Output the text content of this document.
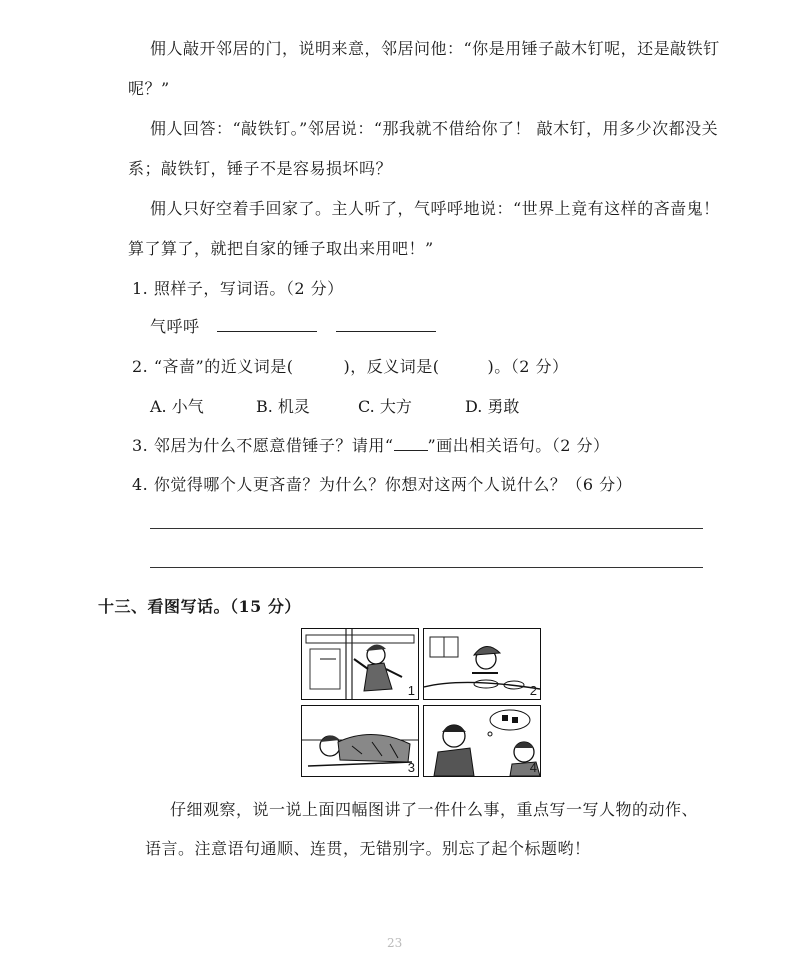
佣人敲开邻居的门，说明来意，邻居问他：“你是用锤子敲木钉呢，还是敲铁钉
呢？”
佣人回答：“敲铁钉。”邻居说：“那我就不借给你了！ 敲木钉，用多少次都没关
系；敲铁钉，锤子不是容易损坏吗？
佣人只好空着手回家了。主人听了，气呼呼地说：“世界上竟有这样的吝啬鬼！
算了算了，就把自家的锤子取出来用吧！”
1. 照样子，写词语。（2 分）
气呼呼
2. “吝啬”的近义词是(	)，反义词是(	)。（2 分）
A. 小气	B. 机灵	C. 大方	D. 勇敢
3. 邻居为什么不愿意借锤子？请用“ ”画出相关语句。（2 分）
4. 你觉得哪个人更吝啬？为什么？你想对这两个人说什么？（6 分）
十三、看图写话。（15 分）
1	2
3	4
仔细观察，说一说上面四幅图讲了一件什么事，重点写一写人物的动作、
语言。注意语句通顺、连贯，无错别字。别忘了起个标题哟！
23
